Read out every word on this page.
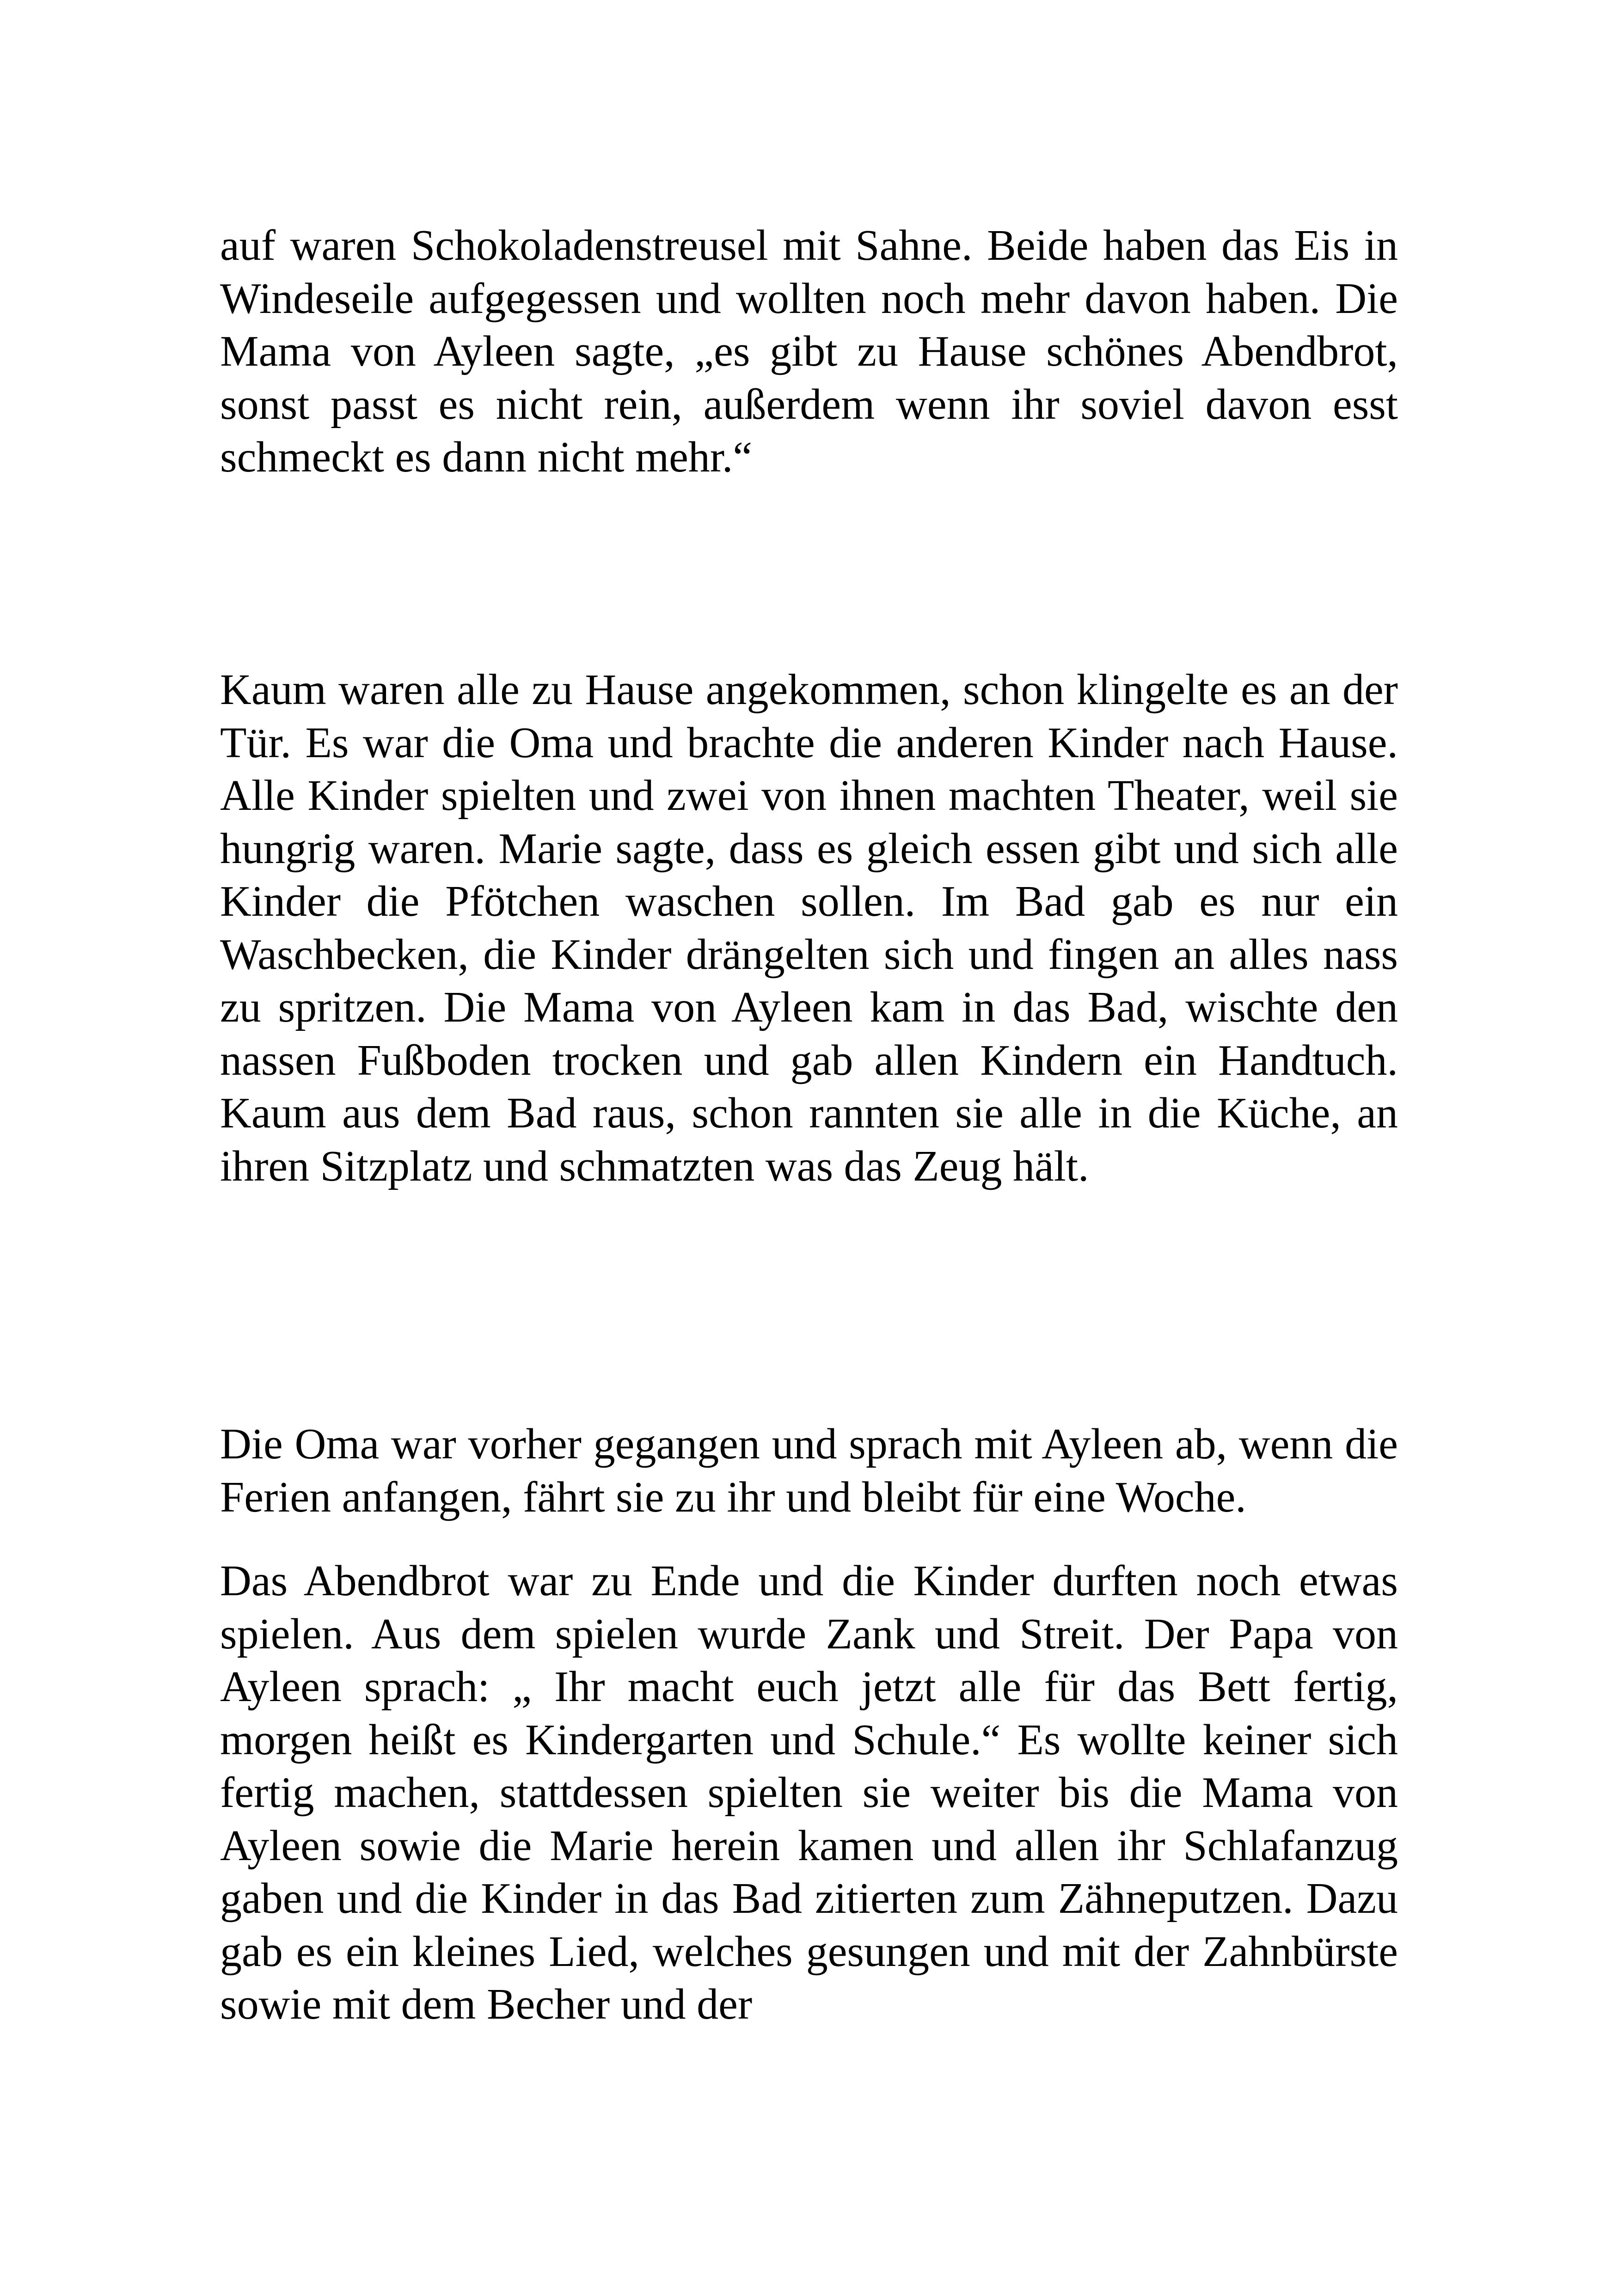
auf waren Schokoladenstreusel mit Sahne. Beide haben das Eis in Windeseile aufgegessen und wollten noch mehr davon haben. Die Mama von Ayleen sagte, „es gibt zu Hause schönes Abendbrot, sonst passt es nicht rein, außerdem wenn ihr soviel davon esst schmeckt es dann nicht mehr.“

Kaum waren alle zu Hause angekommen, schon klingelte es an der Tür. Es war die Oma und brachte die anderen Kinder nach Hause. Alle Kinder spielten und zwei von ihnen machten Theater, weil sie hungrig waren. Marie sagte, dass es gleich essen gibt und sich alle Kinder die Pfötchen waschen sollen. Im Bad gab es nur ein Waschbecken, die Kinder drängelten sich und fingen an alles nass zu spritzen. Die Mama von Ayleen kam in das Bad, wischte den nassen Fußboden trocken und gab allen Kindern ein Handtuch. Kaum aus dem Bad raus, schon rannten sie alle in die Küche, an ihren Sitzplatz und schmatzten was das Zeug hält.

Die Oma war vorher gegangen und sprach mit Ayleen ab, wenn die Ferien anfangen, fährt sie zu ihr und bleibt für eine Woche.

Das Abendbrot war zu Ende und die Kinder durften noch etwas spielen. Aus dem spielen wurde Zank und Streit. Der Papa von Ayleen sprach: „ Ihr macht euch jetzt alle für das Bett fertig, morgen heißt es Kindergarten und Schule.“ Es wollte keiner sich fertig machen, stattdessen spielten sie weiter bis die Mama von Ayleen sowie die Marie herein kamen und allen ihr Schlafanzug gaben und die Kinder in das Bad zitierten zum Zähneputzen. Dazu gab es ein kleines Lied, welches gesungen und mit der Zahnbürste sowie mit dem Becher und der
